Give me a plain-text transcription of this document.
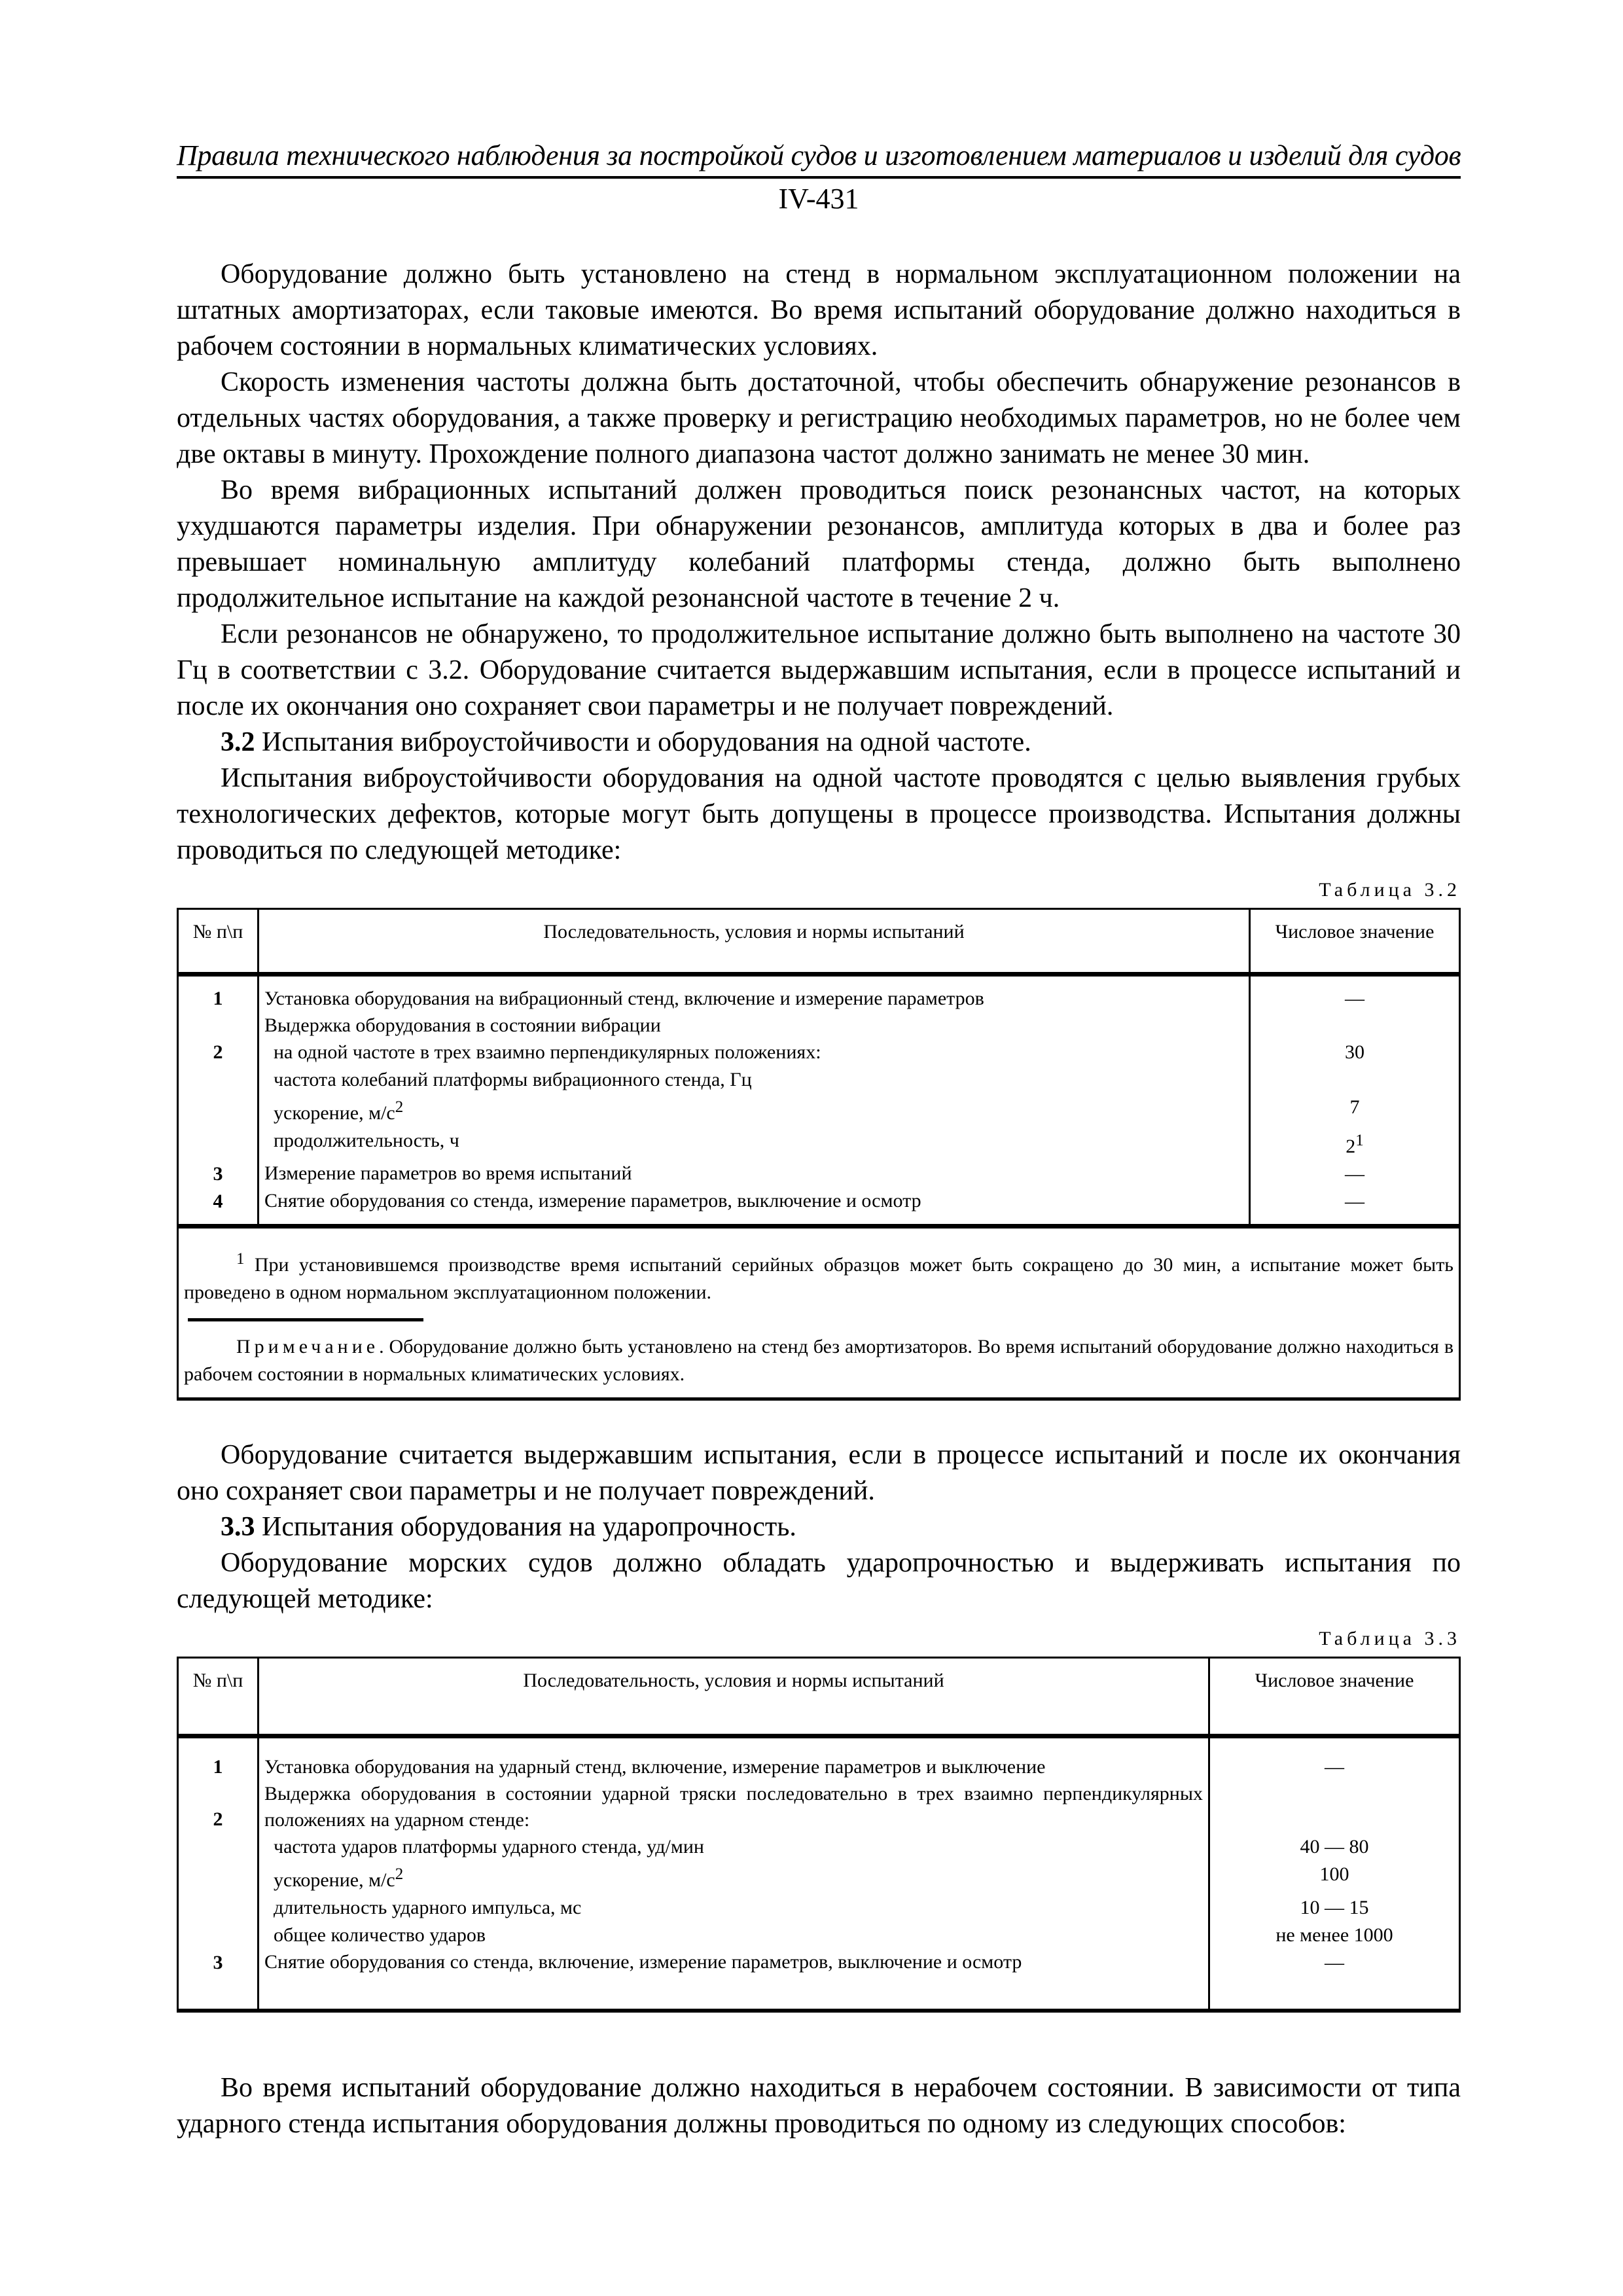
Правила технического наблюдения за постройкой судов и изготовлением материалов и изделий для судов
IV-431

Оборудование должно быть установлено на стенд в нормальном эксплуатационном положении на штатных амортизаторах, если таковые имеются. Во время испытаний оборудование должно находиться в рабочем состоянии в нормальных климатических условиях.

Скорость изменения частоты должна быть достаточной, чтобы обеспечить обнаружение резонансов в отдельных частях оборудования, а также проверку и регистрацию необходимых параметров, но не более чем две октавы в минуту. Прохождение полного диапазона частот должно занимать не менее 30 мин.

Во время вибрационных испытаний должен проводиться поиск резонансных частот, на которых ухудшаются параметры изделия. При обнаружении резонансов, амплитуда которых в два и более раз превышает номинальную амплитуду колебаний платформы стенда, должно быть выполнено продолжительное испытание на каждой резонансной частоте в течение 2 ч.

Если резонансов не обнаружено, то продолжительное испытание должно быть выполнено на частоте 30 Гц в соответствии с 3.2. Оборудование считается выдержавшим испытания, если в процессе испытаний и после их окончания оно сохраняет свои параметры и не получает повреждений.

3.2 Испытания виброустойчивости и оборудования на одной частоте.

Испытания виброустойчивости оборудования на одной частоте проводятся с целью выявления грубых технологических дефектов, которые могут быть допущены в процессе производства. Испытания должны проводиться по следующей методике:

Таблица 3.2
№ п\п	Последовательность, условия и нормы испытаний	Числовое значение
1	Установка оборудования на вибрационный стенд, включение и измерение параметров	—
	Выдержка оборудования в состоянии вибрации	
2	на одной частоте в трех взаимно перпендикулярных положениях:	30
	частота колебаний платформы вибрационного стенда, Гц	
	ускорение, $м/с^2$	7
	продолжительность, ч	$2^1$
3	Измерение параметров во время испытаний	—
4	Снятие оборудования со стенда, измерение параметров, выключение и осмотр	—

$^1$ При установившемся производстве время испытаний серийных образцов может быть сокращено до 30 мин, а испытание может быть проведено в одном нормальном эксплуатационном положении.
Примечание. Оборудование должно быть установлено на стенд без амортизаторов. Во время испытаний оборудование должно находиться в рабочем состоянии в нормальных климатических условиях.		

Оборудование считается выдержавшим испытания, если в процессе испытаний и после их окончания оно сохраняет свои параметры и не получает повреждений.

3.3 Испытания оборудования на ударопрочность.

Оборудование морских судов должно обладать ударопрочностью и выдерживать испытания по следующей методике:

Таблица 3.3
№ п\п	Последовательность, условия и нормы испытаний	Числовое значение
1	Установка оборудования на ударный стенд, включение, измерение параметров и выключение	—
2	Выдержка оборудования в состоянии ударной тряски последовательно в трех взаимно перпендикулярных положениях на ударном стенде:	
	частота ударов платформы ударного стенда, уд/мин	40 — 80
	ускорение, $м/с^2$	100
	длительность ударного импульса, мс	10 — 15
	общее количество ударов	не менее 1000
3	Снятие оборудования со стенда, включение, измерение параметров, выключение и осмотр	—

Во время испытаний оборудование должно находиться в нерабочем состоянии. В зависимости от типа ударного стенда испытания оборудования должны проводиться по одному из следующих способов:
